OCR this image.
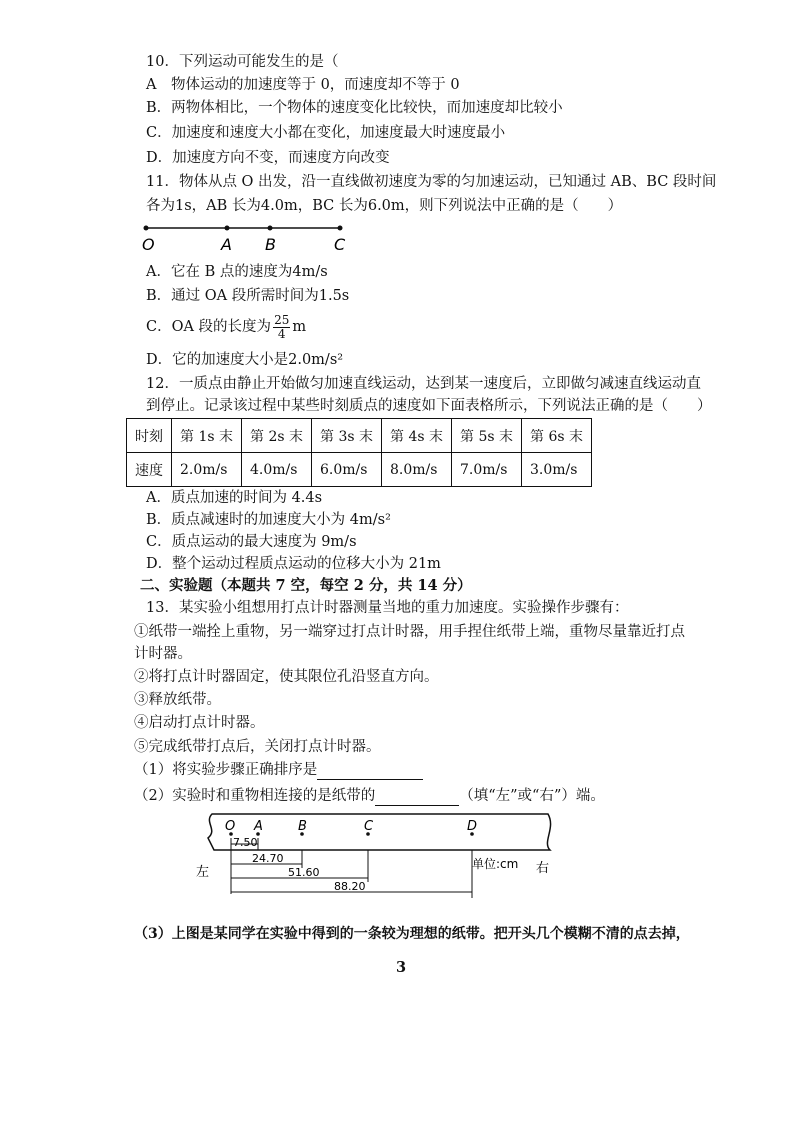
10．下列运动可能发生的是（
A　物体运动的加速度等于 0，而速度却不等于 0
B．两物体相比，一个物体的速度变化比较快，而加速度却比较小
C．加速度和速度大小都在变化，加速度最大时速度最小
D．加速度方向不变，而速度方向改变
11．物体从点 O 出发，沿一直线做初速度为零的匀加速运动，已知通过 AB、BC 段时间
各为1s，AB 长为4.0m，BC 长为6.0m，则下列说法中正确的是（　　）
O	A B	C
A．它在 B 点的速度为4m/s
B．通过 OA 段所需时间为1.5s
C．OA 段的长度为 $\frac{25}{4}$ m
D．它的加速度大小是2.0m/s²
12．一质点由静止开始做匀加速直线运动，达到某一速度后，立即做匀减速直线运动直
到停止。记录该过程中某些时刻质点的速度如下面表格所示，下列说法正确的是（　　）
时刻	第 1s 末	第 2s 末	第 3s 末	第 4s 末	第 5s 末	第 6s 末
速度	2.0m/s	4.0m/s	6.0m/s	8.0m/s	7.0m/s	3.0m/s
A．质点加速的时间为 4.4s
B．质点减速时的加速度大小为 4m/s²
C．质点运动的最大速度为 9m/s
D．整个运动过程质点运动的位移大小为 21m
二、实验题（本题共 7 空，每空 2 分，共 14 分）
13．某实验小组想用打点计时器测量当地的重力加速度。实验操作步骤有：
①纸带一端拴上重物，另一端穿过打点计时器，用手捏住纸带上端，重物尽量靠近打点
计时器。
②将打点计时器固定，使其限位孔沿竖直方向。
③释放纸带。
④启动打点计时器。
⑤完成纸带打点后，关闭打点计时器。
（1）将实验步骤正确排序是
（2）实验时和重物相连接的是纸带的	（填“左”或“右”）端。
O A	B	C	D
7.50
24.70
51.60
88.20
左
单位:cm 右
（3）上图是某同学在实验中得到的一条较为理想的纸带。把开头几个模糊不清的点去掉，
3
